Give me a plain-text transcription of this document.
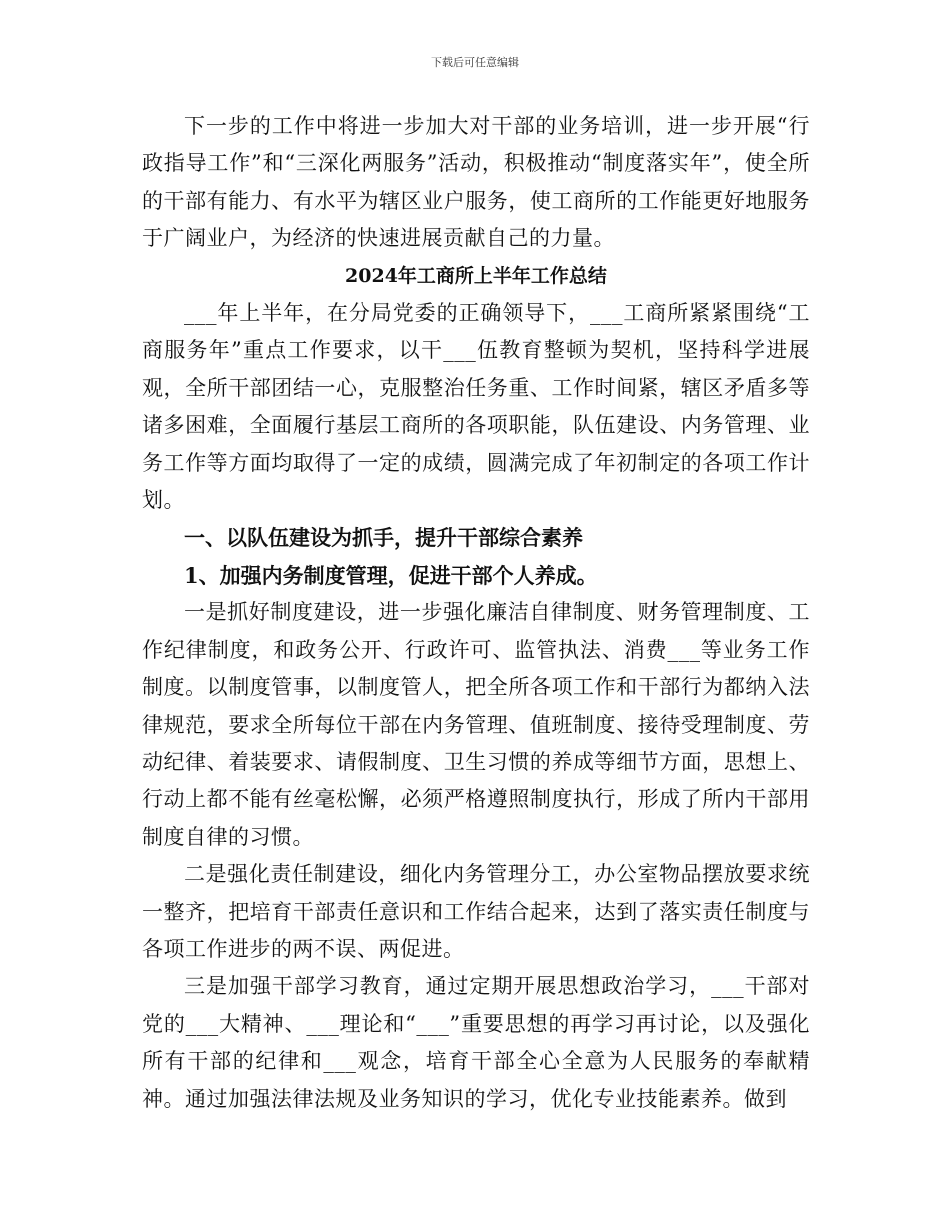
下载后可任意编辑

下一步的工作中将进一步加大对干部的业务培训，进一步开展“行政指导工作”和“三深化两服务”活动，积极推动“制度落实年”，使全所的干部有能力、有水平为辖区业户服务，使工商所的工作能更好地服务于广阔业户，为经济的快速进展贡献自己的力量。

2024年工商所上半年工作总结

___年上半年，在分局党委的正确领导下，___工商所紧紧围绕“工商服务年”重点工作要求，以干___伍教育整顿为契机，坚持科学进展观，全所干部团结一心，克服整治任务重、工作时间紧，辖区矛盾多等诸多困难，全面履行基层工商所的各项职能，队伍建设、内务管理、业务工作等方面均取得了一定的成绩，圆满完成了年初制定的各项工作计划。

一、以队伍建设为抓手，提升干部综合素养

1、加强内务制度管理，促进干部个人养成。

一是抓好制度建设，进一步强化廉洁自律制度、财务管理制度、工作纪律制度，和政务公开、行政许可、监管执法、消费___等业务工作制度。以制度管事，以制度管人，把全所各项工作和干部行为都纳入法律规范，要求全所每位干部在内务管理、值班制度、接待受理制度、劳动纪律、着装要求、请假制度、卫生习惯的养成等细节方面，思想上、行动上都不能有丝毫松懈，必须严格遵照制度执行，形成了所内干部用制度自律的习惯。

二是强化责任制建设，细化内务管理分工，办公室物品摆放要求统一整齐，把培育干部责任意识和工作结合起来，达到了落实责任制度与各项工作进步的两不误、两促进。

三是加强干部学习教育，通过定期开展思想政治学习，___干部对党的___大精神、___理论和“___”重要思想的再学习再讨论，以及强化所有干部的纪律和___观念，培育干部全心全意为人民服务的奉献精神。通过加强法律法规及业务知识的学习，优化专业技能素养。做到
